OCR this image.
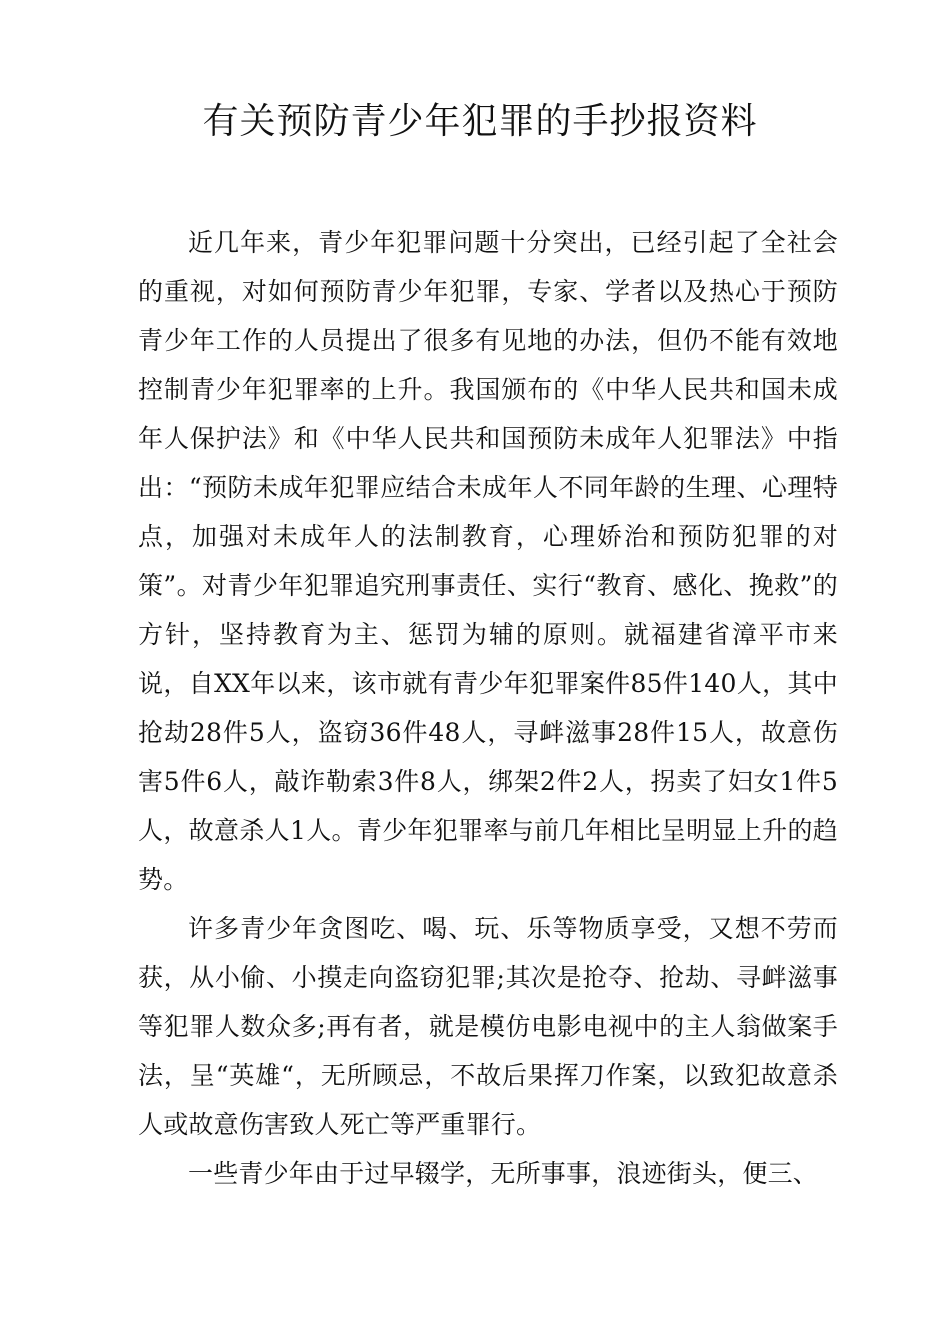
有关预防青少年犯罪的手抄报资料

近几年来，青少年犯罪问题十分突出，已经引起了全社会的重视，对如何预防青少年犯罪，专家、学者以及热心于预防青少年工作的人员提出了很多有见地的办法，但仍不能有效地控制青少年犯罪率的上升。我国颁布的《中华人民共和国未成年人保护法》和《中华人民共和国预防未成年人犯罪法》中指出：“预防未成年犯罪应结合未成年人不同年龄的生理、心理特点，加强对未成年人的法制教育，心理娇治和预防犯罪的对策”。对青少年犯罪追究刑事责任、实行“教育、感化、挽救”的方针，坚持教育为主、惩罚为辅的原则。就福建省漳平市来说，自XX年以来，该市就有青少年犯罪案件85件140人，其中抢劫28件5人，盗窃36件48人，寻衅滋事28件15人，故意伤害5件6人，敲诈勒索3件8人，绑架2件2人，拐卖了妇女1件5人，故意杀人1人。青少年犯罪率与前几年相比呈明显上升的趋势。

许多青少年贪图吃、喝、玩、乐等物质享受，又想不劳而获，从小偷、小摸走向盗窃犯罪;其次是抢夺、抢劫、寻衅滋事等犯罪人数众多;再有者，就是模仿电影电视中的主人翁做案手法，呈“英雄“，无所顾忌，不故后果挥刀作案，以致犯故意杀人或故意伤害致人死亡等严重罪行。

一些青少年由于过早辍学，无所事事，浪迹街头，便三、
